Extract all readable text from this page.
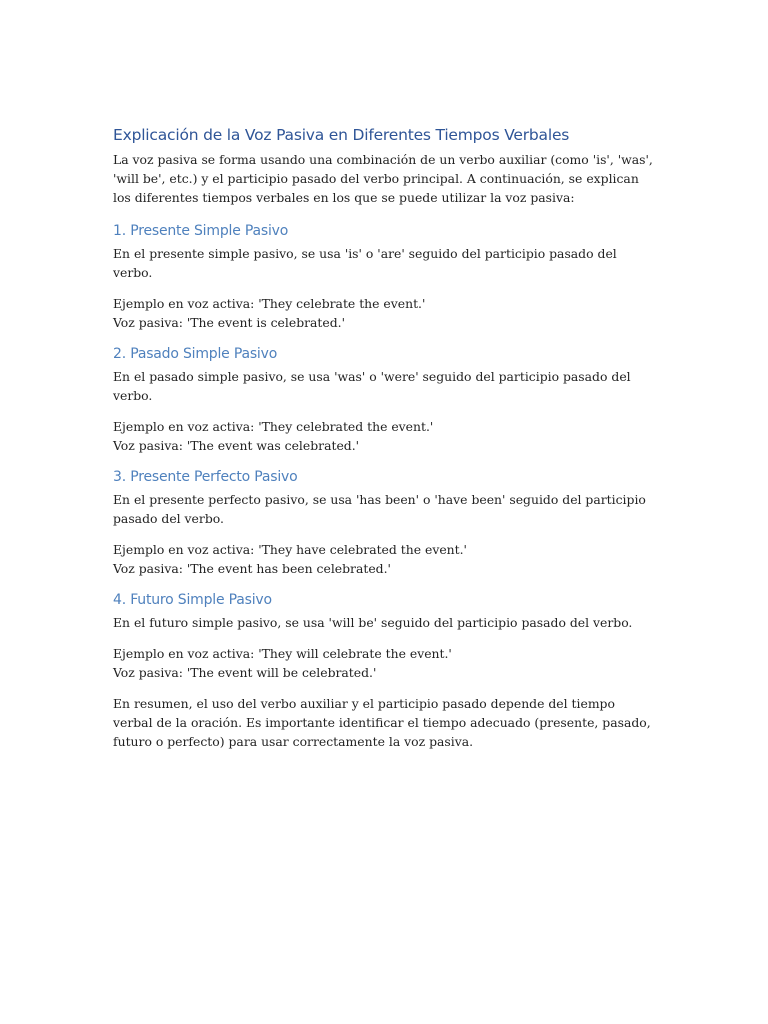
Explicación de la Voz Pasiva en Diferentes Tiempos Verbales

La voz pasiva se forma usando una combinación de un verbo auxiliar (como 'is', 'was', 'will be', etc.) y el participio pasado del verbo principal. A continuación, se explican los diferentes tiempos verbales en los que se puede utilizar la voz pasiva:

1. Presente Simple Pasivo

En el presente simple pasivo, se usa 'is' o 'are' seguido del participio pasado del verbo.

Ejemplo en voz activa: 'They celebrate the event.'
Voz pasiva: 'The event is celebrated.'

2. Pasado Simple Pasivo

En el pasado simple pasivo, se usa 'was' o 'were' seguido del participio pasado del verbo.

Ejemplo en voz activa: 'They celebrated the event.'
Voz pasiva: 'The event was celebrated.'

3. Presente Perfecto Pasivo

En el presente perfecto pasivo, se usa 'has been' o 'have been' seguido del participio pasado del verbo.

Ejemplo en voz activa: 'They have celebrated the event.'
Voz pasiva: 'The event has been celebrated.'

4. Futuro Simple Pasivo

En el futuro simple pasivo, se usa 'will be' seguido del participio pasado del verbo.

Ejemplo en voz activa: 'They will celebrate the event.'
Voz pasiva: 'The event will be celebrated.'

En resumen, el uso del verbo auxiliar y el participio pasado depende del tiempo verbal de la oración. Es importante identificar el tiempo adecuado (presente, pasado, futuro o perfecto) para usar correctamente la voz pasiva.
